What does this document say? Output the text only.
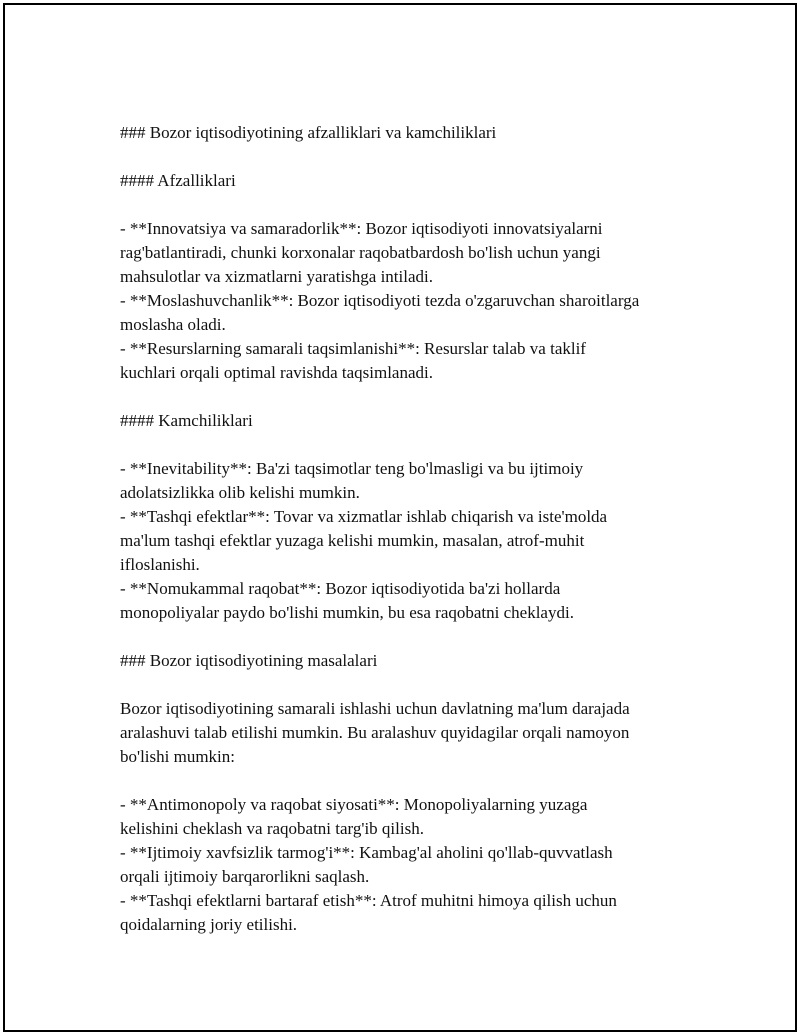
### Bozor iqtisodiyotining afzalliklari va kamchiliklari
#### Afzalliklari
- **Innovatsiya va samaradorlik**: Bozor iqtisodiyoti innovatsiyalarni
rag'batlantiradi, chunki korxonalar raqobatbardosh bo'lish uchun yangi
mahsulotlar va xizmatlarni yaratishga intiladi.
- **Moslashuvchanlik**: Bozor iqtisodiyoti tezda o'zgaruvchan sharoitlarga
moslasha oladi.
- **Resurslarning samarali taqsimlanishi**: Resurslar talab va taklif
kuchlari orqali optimal ravishda taqsimlanadi.
#### Kamchiliklari
- **Inevitability**: Ba'zi taqsimotlar teng bo'lmasligi va bu ijtimoiy
adolatsizlikka olib kelishi mumkin.
- **Tashqi efektlar**: Tovar va xizmatlar ishlab chiqarish va iste'molda
ma'lum tashqi efektlar yuzaga kelishi mumkin, masalan, atrof-muhit
ifloslanishi.
- **Nomukammal raqobat**: Bozor iqtisodiyotida ba'zi hollarda
monopoliyalar paydo bo'lishi mumkin, bu esa raqobatni cheklaydi.
### Bozor iqtisodiyotining masalalari
Bozor iqtisodiyotining samarali ishlashi uchun davlatning ma'lum darajada
aralashuvi talab etilishi mumkin. Bu aralashuv quyidagilar orqali namoyon
bo'lishi mumkin:
- **Antimonopoly va raqobat siyosati**: Monopoliyalarning yuzaga
kelishini cheklash va raqobatni targ'ib qilish.
- **Ijtimoiy xavfsizlik tarmog'i**: Kambag'al aholini qo'llab-quvvatlash
orqali ijtimoiy barqarorlikni saqlash.
- **Tashqi efektlarni bartaraf etish**: Atrof muhitni himoya qilish uchun
qoidalarning joriy etilishi.
